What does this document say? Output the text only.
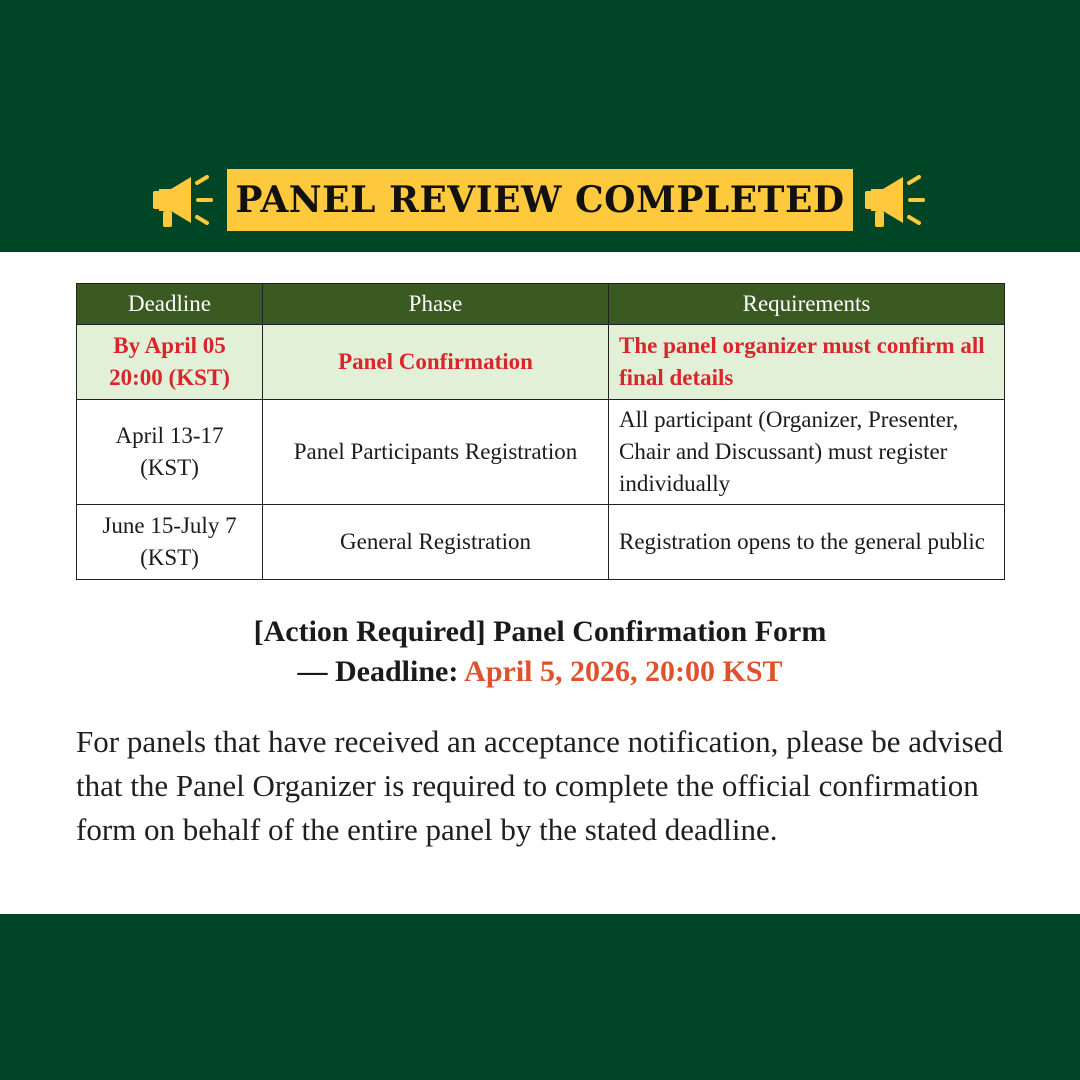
PANEL REVIEW COMPLETED
Deadline	Phase	Requirements

By April 05
20:00 (KST)	Panel Confirmation	The panel organizer must confirm all final details

April 13-17
(KST)	Panel Participants Registration	All participant (Organizer, Presenter, Chair and Discussant) must register individually

June 15-July 7
(KST)	General Registration	Registration opens to the general public
[Action Required] Panel Confirmation Form
— Deadline: April 5, 2026, 20:00 KST
For panels that have received an acceptance notification, please be advised that the Panel Organizer is required to complete the official confirmation form on behalf of the entire panel by the stated deadline.
